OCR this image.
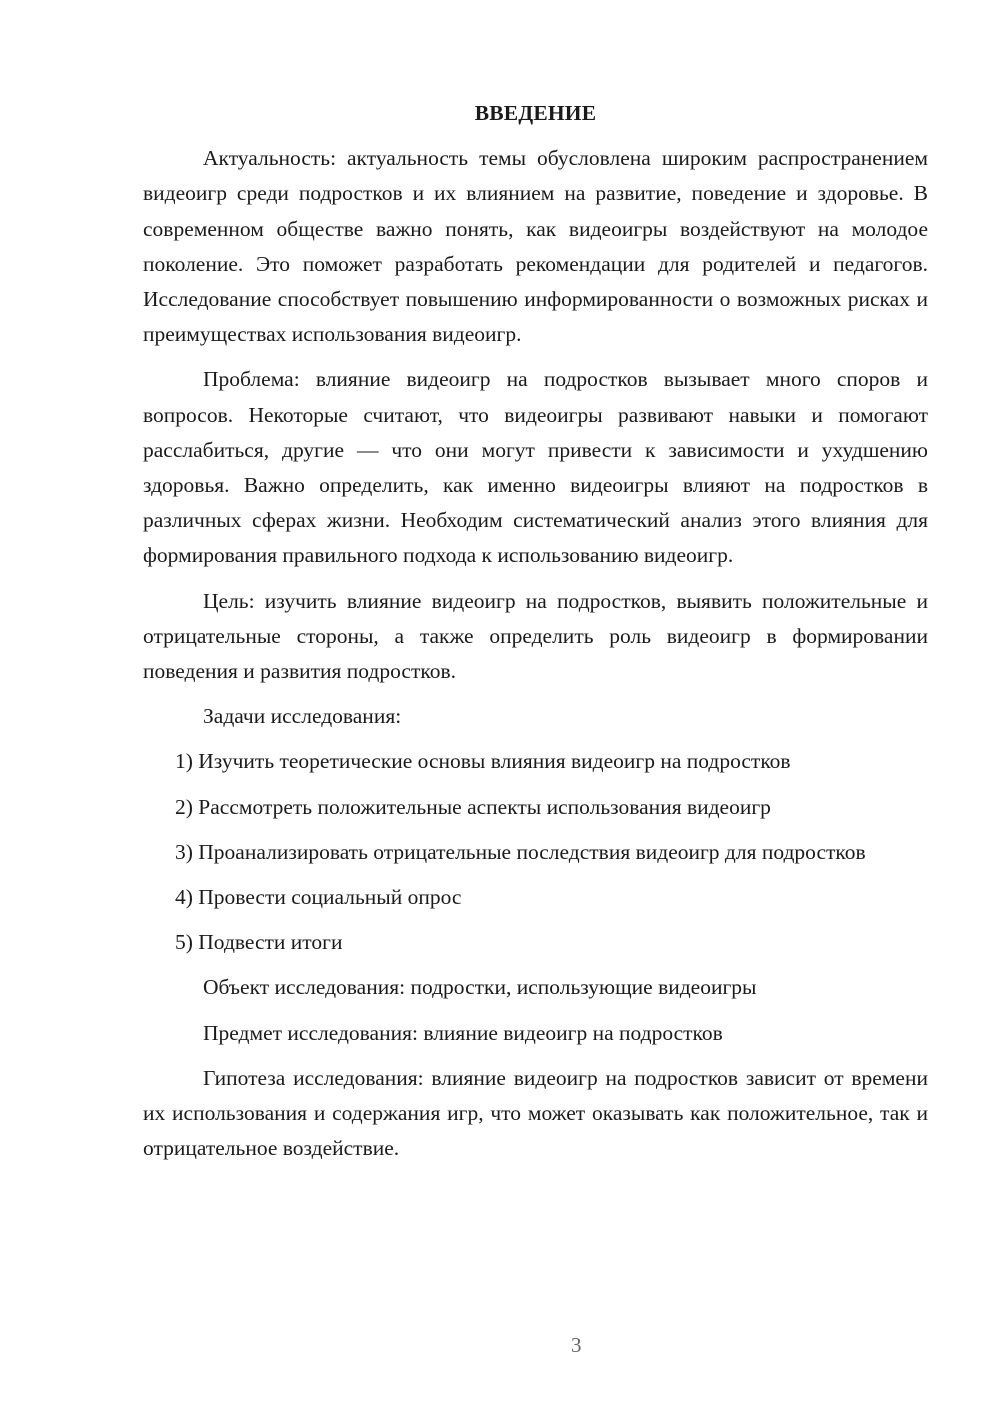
ВВЕДЕНИЕ

Актуальность: актуальность темы обусловлена широким распространением видеоигр среди подростков и их влиянием на развитие, поведение и здоровье. В современном обществе важно понять, как видеоигры воздействуют на молодое поколение. Это поможет разработать рекомендации для родителей и педагогов. Исследование способствует повышению информированности о возможных рисках и преимуществах использования видеоигр.

Проблема: влияние видеоигр на подростков вызывает много споров и вопросов. Некоторые считают, что видеоигры развивают навыки и помогают расслабиться, другие — что они могут привести к зависимости и ухудшению здоровья. Важно определить, как именно видеоигры влияют на подростков в различных сферах жизни. Необходим систематический анализ этого влияния для формирования правильного подхода к использованию видеоигр.

Цель: изучить влияние видеоигр на подростков, выявить положительные и отрицательные стороны, а также определить роль видеоигр в формировании поведения и развития подростков.

Задачи исследования:
1) Изучить теоретические основы влияния видеоигр на подростков
2) Рассмотреть положительные аспекты использования видеоигр
3) Проанализировать отрицательные последствия видеоигр для подростков
4) Провести социальный опрос
5) Подвести итоги
Объект исследования: подростки, использующие видеоигры
Предмет исследования: влияние видеоигр на подростков

Гипотеза исследования: влияние видеоигр на подростков зависит от времени их использования и содержания игр, что может оказывать как положительное, так и отрицательное воздействие.

3
